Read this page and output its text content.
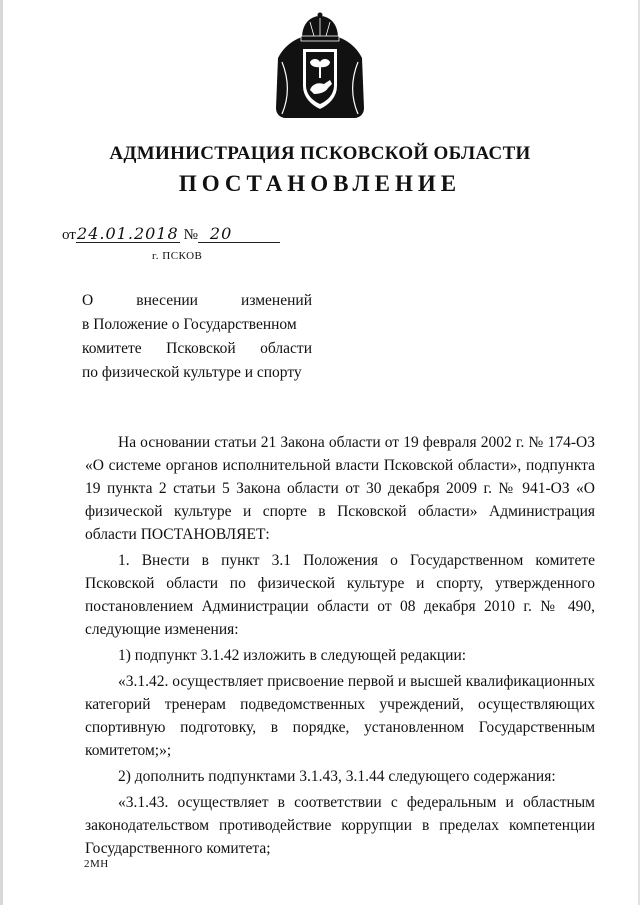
АДМИНИСТРАЦИЯ ПСКОВСКОЙ ОБЛАСТИ
ПОСТАНОВЛЕНИЕ
от24.01.2018 № 20
г. ПСКОВ
О	внесении	изменений
в Положение о Государственном
комитете Псковской области
по физической культуре и спорту

На основании статьи 21 Закона области от 19 февраля 2002 г. № 174-ОЗ «О системе органов исполнительной власти Псковской области», подпункта 19 пункта 2 статьи 5 Закона области от 30 декабря 2009 г. № 941-ОЗ «О физической культуре и спорте в Псковской области» Администрация области ПОСТАНОВЛЯЕТ:

1. Внести в пункт 3.1 Положения о Государственном комитете Псковской области по физической культуре и спорту, утвержденного постановлением Администрации области от 08 декабря 2010 г. № 490, следующие изменения:

1) подпункт 3.1.42 изложить в следующей редакции:

«3.1.42. осуществляет присвоение первой и высшей квалификационных категорий тренерам подведомственных учреждений, осуществляющих спортивную подготовку, в порядке, установленном Государственным комитетом;»;

2) дополнить подпунктами 3.1.43, 3.1.44 следующего содержания:

«3.1.43. осуществляет в соответствии с федеральным и областным законодательством противодействие коррупции в пределах компетенции Государственного комитета;

2МН
